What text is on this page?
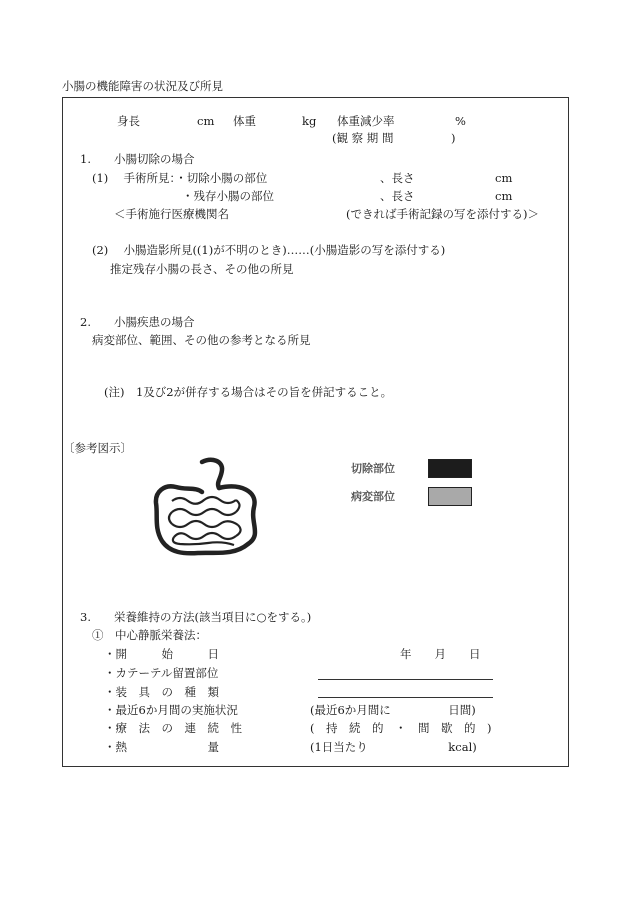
小腸の機能障害の状況及び所見
身長	cm 体重	kg 体重減少率	%
(観 察 期 間　　　　　)
1.　　小腸切除の場合
(1)　 手術所見：・切除小腸の部位	、長さ	cm
・残存小腸の部位	、長さ	cm
＜手術施行医療機関名	(できれば手術記録の写を添付する)＞
(2)　 小腸造影所見((1)が不明のとき)‥‥‥(小腸造影の写を添付する)
推定残存小腸の長さ、その他の所見
2.　　小腸疾患の場合
病変部位、範囲、その他の参考となる所見
(注)　1及び2が併存する場合はその旨を併記すること。
〔参考図示〕
切除部位
病変部位
3.　　栄養維持の方法(該当項目に○をする。)
①　中心静脈栄養法：
・開　　　始　　　日	年　　月　　日
・カテーテル留置部位
・装　具　の　種　類
・最近6か月間の実施状況	(最近6か月間に　　　　　日間)
・療　法　の　連　続　性	(　持　続　的　・　間　歇　的　)
・熱　　　　　　　量	(1日当たり　　　　　　　kcal)
